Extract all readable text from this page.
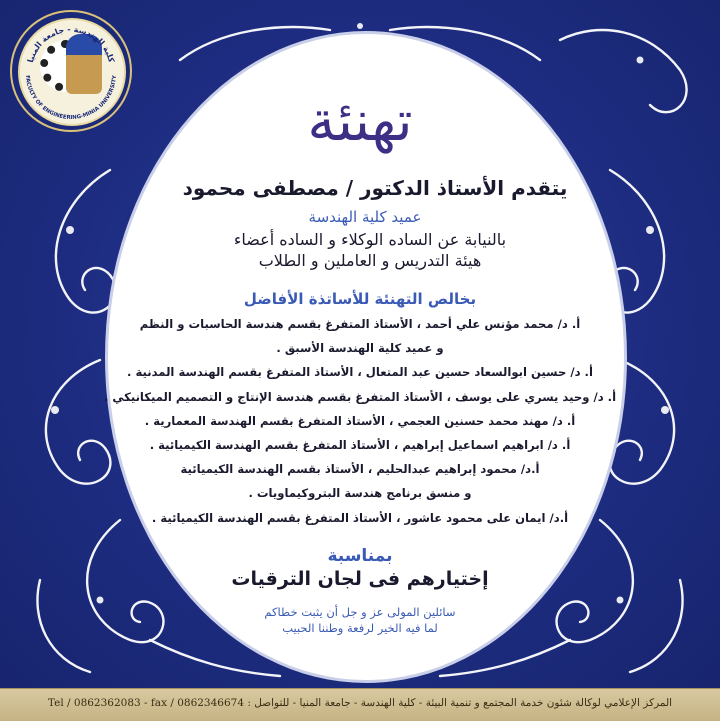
كلية الهندسة - جامعة المنيا
FACULTY OF ENGINEERING-MINIA UNIVERSITY
تهنئة
يتقدم الأستاذ الدكتور / مصطفى محمود
عميد كلية الهندسة
بالنيابة عن الساده الوكلاء و الساده أعضاء
هيئة التدريس و العاملين و الطلاب
بخالص التهنئة للأساتذة الأفاضل
أ. د/ محمد مؤنس علي أحمد ، الأستاذ المتفرغ بقسم هندسة الحاسبات و النظم
و عميد كلية الهندسة الأسبق .
أ. د/ حسين ابوالسعاد حسين عبد المتعال ، الأستاذ المتفرغ بقسم الهندسة المدنية .
أ. د/ وحيد يسري على يوسف ، الأستاذ المتفرغ بقسم هندسة الإنتاج و التصميم الميكانيكي .
أ. د/ مهند محمد حسنين العجمي ، الأستاذ المتفرغ بقسم الهندسة المعمارية .
أ. د/ ابراهيم اسماعيل إبراهيم ، الأستاذ المتفرغ بقسم الهندسة الكيميائية .
أ.د/ محمود إبراهيم عبدالحليم ، الأستاذ بقسم الهندسة الكيميائية
و منسق برنامج هندسة البتروكيماويات .
أ.د/ ايمان على محمود عاشور ، الأستاذ المتفرغ بقسم الهندسة الكيميائية .
بمناسبة
إختيارهم فى لجان الترقيات
سائلين المولى عز و جل أن يثبت خطاكم
لما فيه الخير لرفعة وطننا الحبيب
المركز الإعلامي لوكالة شئون خدمة المجتمع و تنمية البيئة - كلية الهندسة - جامعة المنيا - للتواصل : Tel / 0862362083 - fax / 0862346674
